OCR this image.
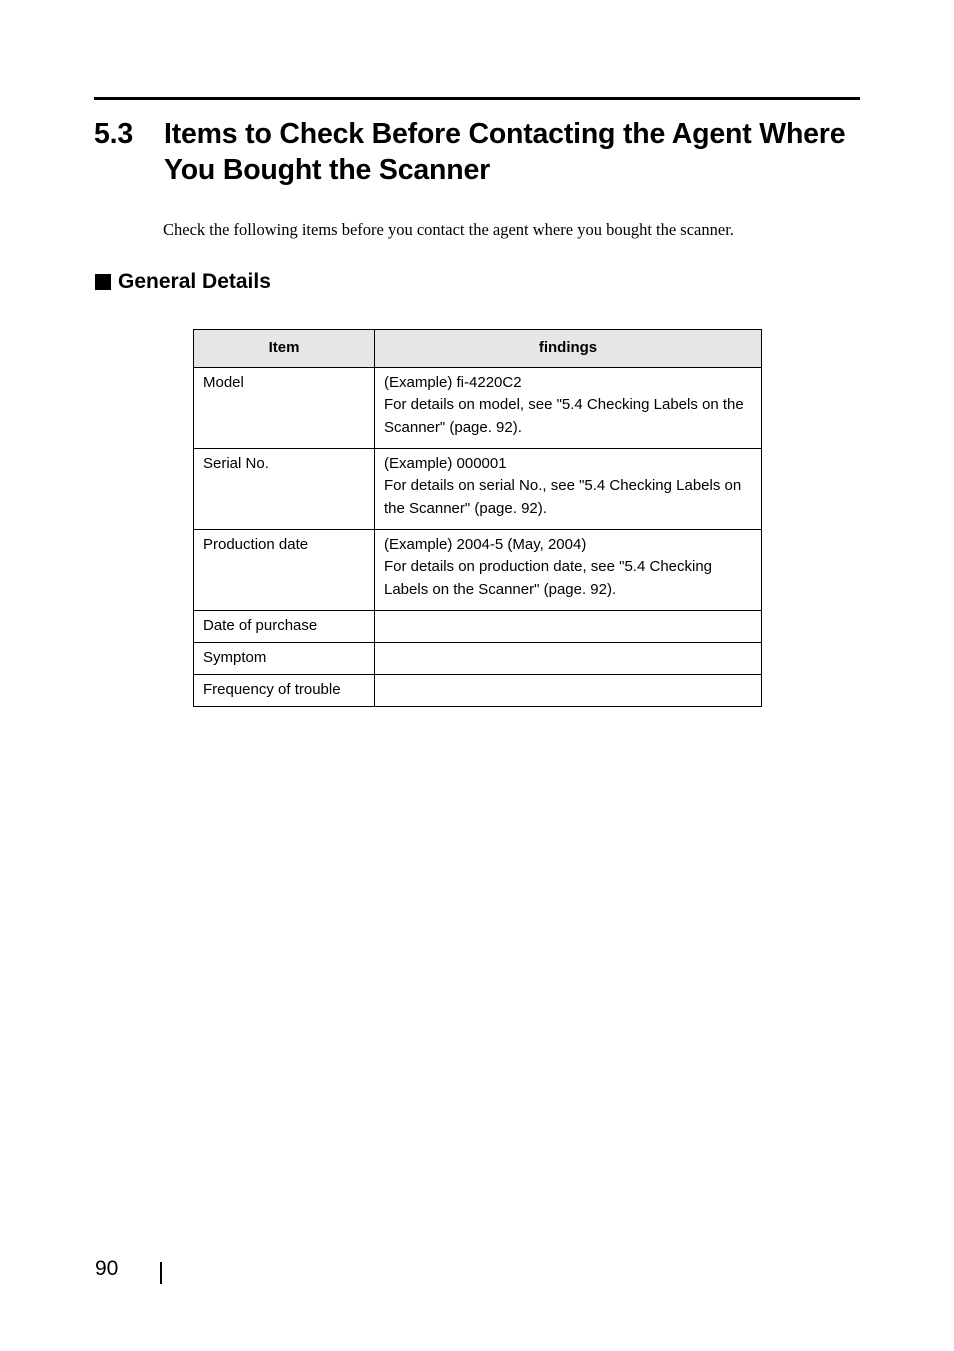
5.3 Items to Check Before Contacting the Agent Where You Bought the Scanner
Check the following items before you contact the agent where you bought the scanner.
General Details
Item	findings
Model	(Example) fi-4220C2
For details on model, see "5.4 Checking Labels on the Scanner" (page. 92).

Serial No.	(Example) 000001
For details on serial No., see "5.4 Checking Labels on the Scanner" (page. 92).

Production date	(Example) 2004-5 (May, 2004)
For details on production date, see "5.4 Checking Labels on the Scanner" (page. 92).

Date of purchase	
Symptom	
Frequency of trouble	
90
